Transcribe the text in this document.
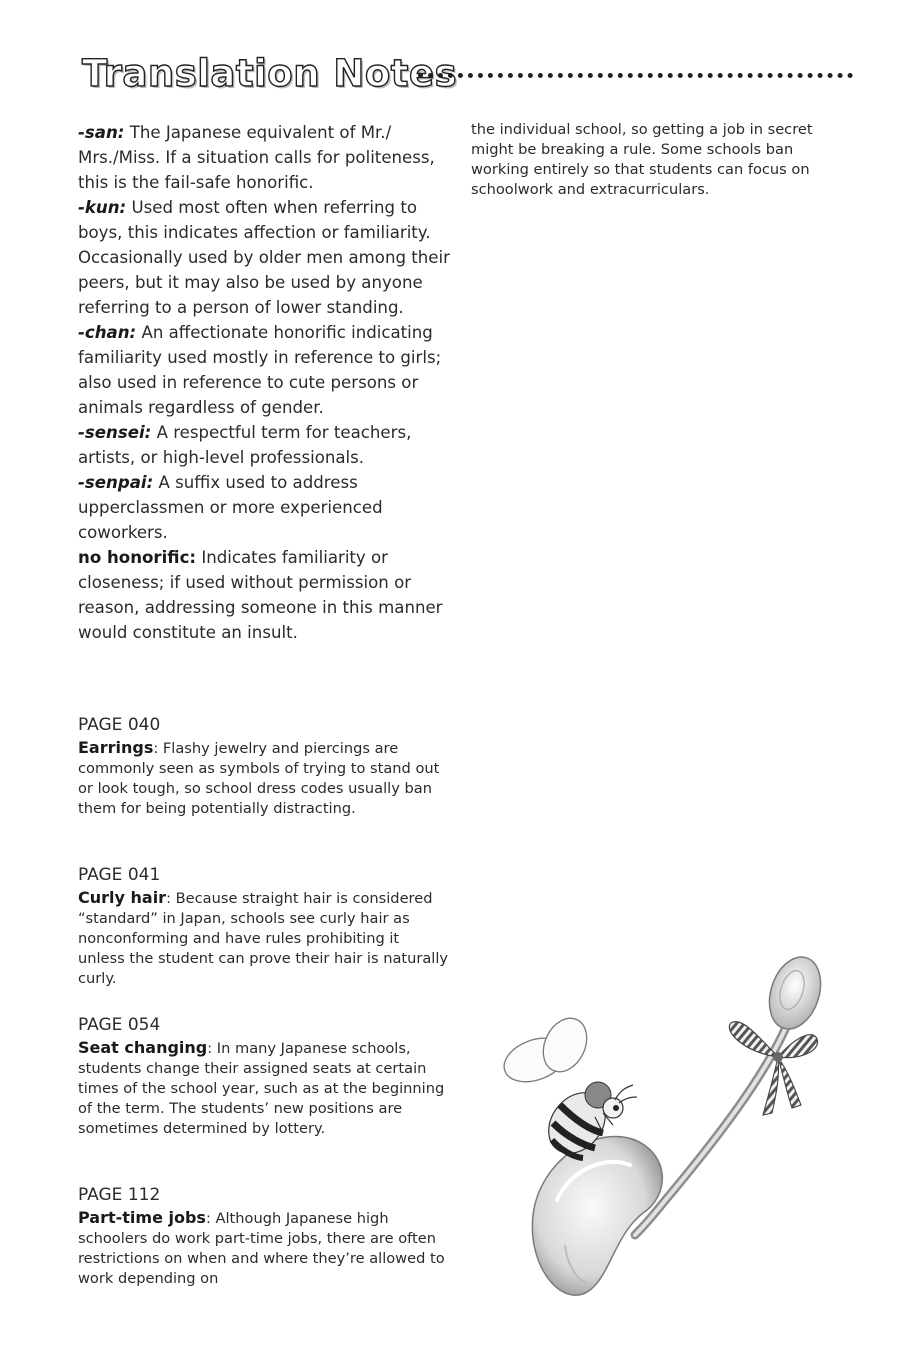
Translation Notes

-san: The Japanese equivalent of Mr./ Mrs./Miss. If a situation calls for politeness, this is the fail-safe honorific.

-kun: Used most often when referring to boys, this indicates affection or familiarity. Occasionally used by older men among their peers, but it may also be used by anyone referring to a person of lower standing.

-chan: An affectionate honorific indicating familiarity used mostly in reference to girls; also used in reference to cute persons or animals regardless of gender.

-sensei: A respectful term for teachers, artists, or high-level professionals.

-senpai: A suffix used to address upperclassmen or more experienced coworkers.

no honorific: Indicates familiarity or closeness; if used without permission or reason, addressing someone in this manner would constitute an insult.

PAGE 040
Earrings: Flashy jewelry and piercings are commonly seen as symbols of trying to stand out or look tough, so school dress codes usually ban them for being potentially distracting.
PAGE 041
Curly hair: Because straight hair is considered “standard” in Japan, schools see curly hair as nonconforming and have rules prohibiting it unless the student can prove their hair is naturally curly.
PAGE 054
Seat changing: In many Japanese schools, students change their assigned seats at certain times of the school year, such as at the beginning of the term. The students’ new positions are sometimes determined by lottery.
PAGE 112
Part-time jobs: Although Japanese high schoolers do work part-time jobs, there are often restrictions on when and where they’re allowed to work depending on
the individual school, so getting a job in secret might be breaking a rule. Some schools ban working entirely so that students can focus on schoolwork and extracurriculars.
